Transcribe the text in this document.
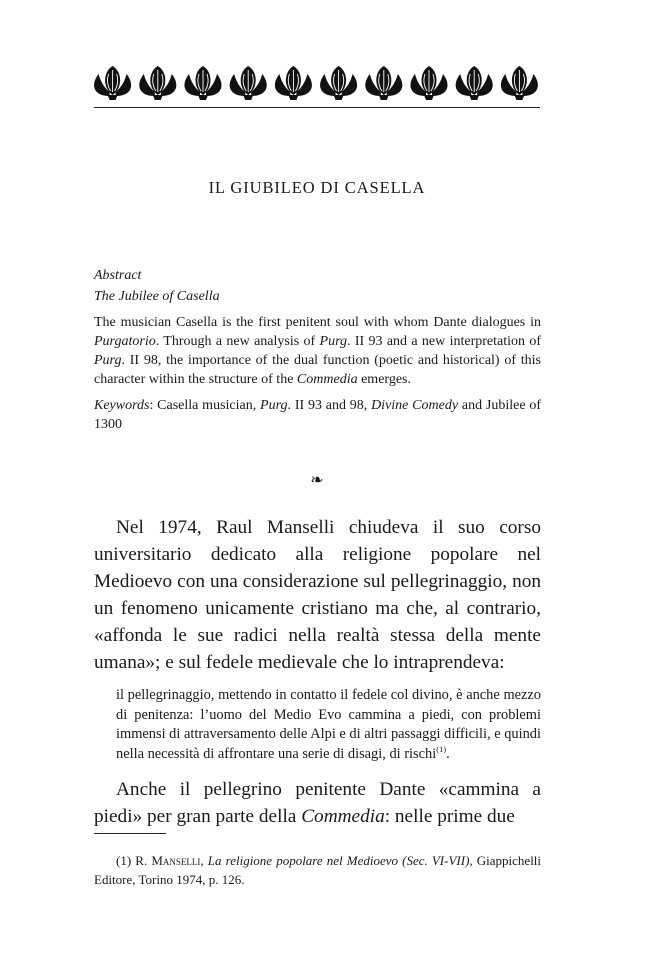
IL GIUBILEO DI CASELLA

Abstract

The Jubilee of Casella

The musician Casella is the first penitent soul with whom Dante dialogues in Purgatorio. Through a new analysis of Purg. II 93 and a new interpretation of Purg. II 98, the importance of the dual function (poetic and historical) of this character within the structure of the Commedia emerges.

Keywords: Casella musician, Purg. II 93 and 98, Divine Comedy and Jubilee of 1300

❧

Nel 1974, Raul Manselli chiudeva il suo corso universitario dedicato alla religione popolare nel Medioevo con una considerazione sul pellegrinaggio, non un fenomeno unicamente cristiano ma che, al contrario, «affonda le sue radici nella realtà stessa della mente umana»; e sul fedele medievale che lo intraprendeva:

il pellegrinaggio, mettendo in contatto il fedele col divino, è anche mezzo di penitenza: l’uomo del Medio Evo cammina a piedi, con problemi immensi di attraversamento delle Alpi e di altri passaggi difficili, e quindi nella necessità di affrontare una serie di disagi, di rischi$^{(1)}$.

Anche il pellegrino penitente Dante «cammina a piedi» per gran parte della Commedia: nelle prime due

(1) R. Manselli, La religione popolare nel Medioevo (Sec. VI-VII), Giappichelli Editore, Torino 1974, p. 126.
